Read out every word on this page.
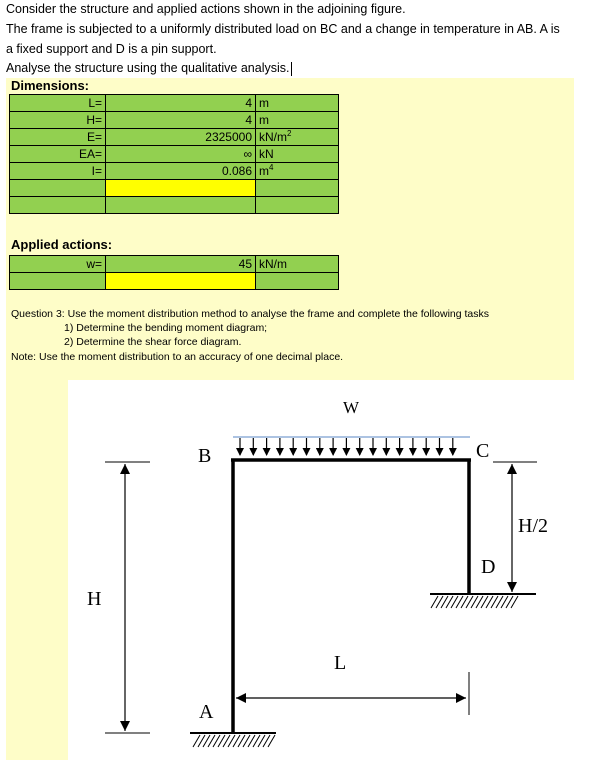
Consider the structure and applied actions shown in the adjoining figure.
The frame is subjected to a uniformly distributed load on BC and a change in temperature in AB. A is
a fixed support and D is a pin support.
Analyse the structure using the qualitative analysis.
Dimensions:
L=	4	m
H=	4	m
E=	2325000	$kN/m^2$
EA=	∞	kN
I=	0.086	$m^4$

Applied actions:
w=	45	kN/m

Question 3: Use the moment distribution method to analyse the frame and complete the following tasks
1) Determine the bending moment diagram;
2) Determine the shear force diagram.
Note: Use the moment distribution to an accuracy of one decimal place.
W
B	C
D
A
H
H/2
L
